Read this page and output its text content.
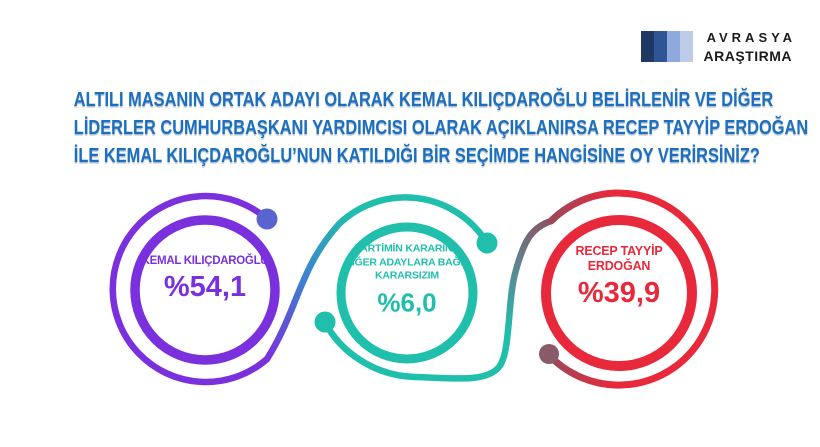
AVRASYA
ARAŞTIRMA
ALTILI MASANIN ORTAK ADAYI OLARAK KEMAL KILIÇDAROĞLU BELİRLENİR VE DİĞER
LİDERLER CUMHURBAŞKANI YARDIMCISI OLARAK AÇIKLANIRSA RECEP TAYYİP ERDOĞAN
İLE KEMAL KILIÇDAROĞLU’NUN KATILDIĞI BİR SEÇİMDE HANGİSİNE OY VERİRSİNİZ?
KEMAL KILIÇDAROĞLU
%54,1
PARTİMİN KARARINA
DİĞER ADAYLARA BAĞLI
KARARSIZIM
%6,0
RECEP TAYYİP
ERDOĞAN
%39,9
